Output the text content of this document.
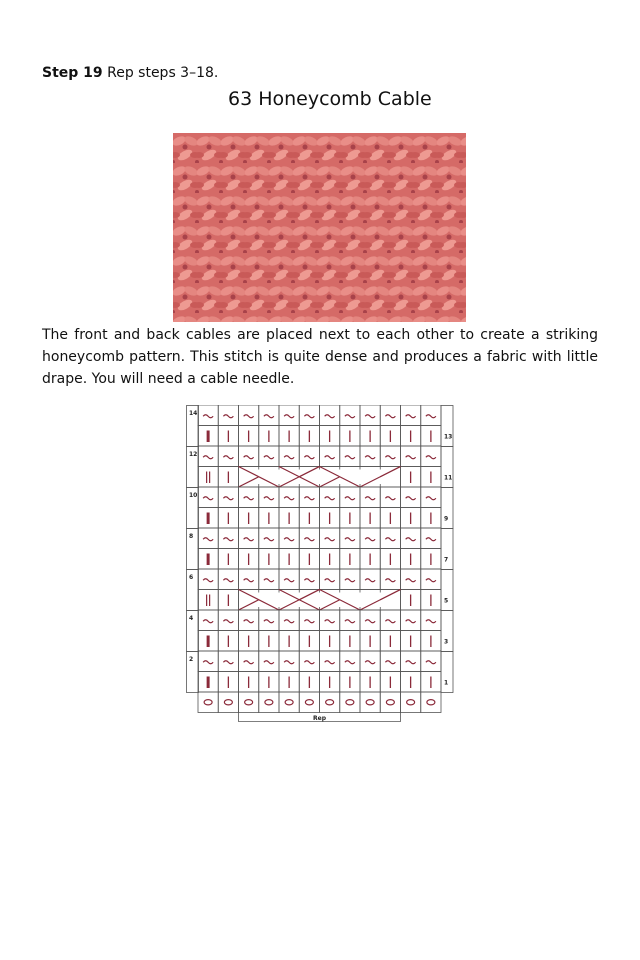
Step 19 Rep steps 3–18.
63 Honeycomb Cable
The front and back cables are placed next to each other to create a striking honeycomb pattern. This stitch is quite dense and produces a fabric with little drape. You will need a cable needle.
14
12
10
8
6
4
2
13
11
9
7
5
3
1
Rep
